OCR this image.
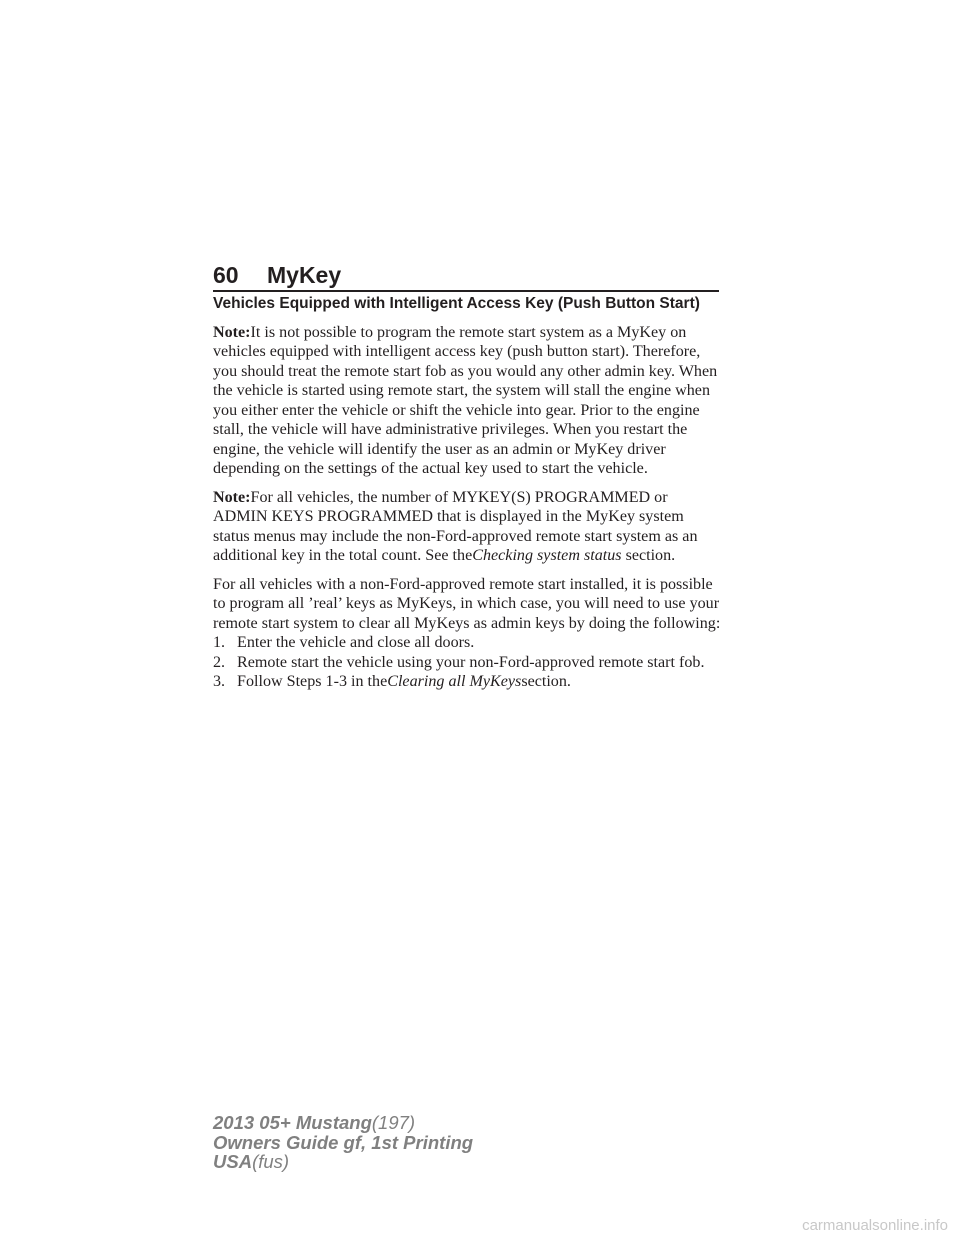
60	MyKey
Vehicles Equipped with Intelligent Access Key (Push Button Start)

Note:It is not possible to program the remote start system as a MyKey on vehicles equipped with intelligent access key (push button start). Therefore, you should treat the remote start fob as you would any other admin key. When the vehicle is started using remote start, the system will stall the engine when you either enter the vehicle or shift the vehicle into gear. Prior to the engine stall, the vehicle will have administrative privileges. When you restart the engine, the vehicle will identify the user as an admin or MyKey driver depending on the settings of the actual key used to start the vehicle.

Note:For all vehicles, the number of MYKEY(S) PROGRAMMED or ADMIN KEYS PROGRAMMED that is displayed in the MyKey system status menus may include the non-Ford-approved remote start system as an additional key in the total count. See theChecking system status section.

For all vehicles with a non-Ford-approved remote start installed, it is possible to program all ’real’ keys as MyKeys, in which case, you will need to use your remote start system to clear all MyKeys as admin keys by doing the following:

1. Enter the vehicle and close all doors.
2. Remote start the vehicle using your non-Ford-approved remote start fob.
3. Follow Steps 1-3 in theClearing all MyKeyssection.
2013 05+ Mustang(197)
Owners Guide gf, 1st Printing
USA(fus)
carmanualsonline.info
